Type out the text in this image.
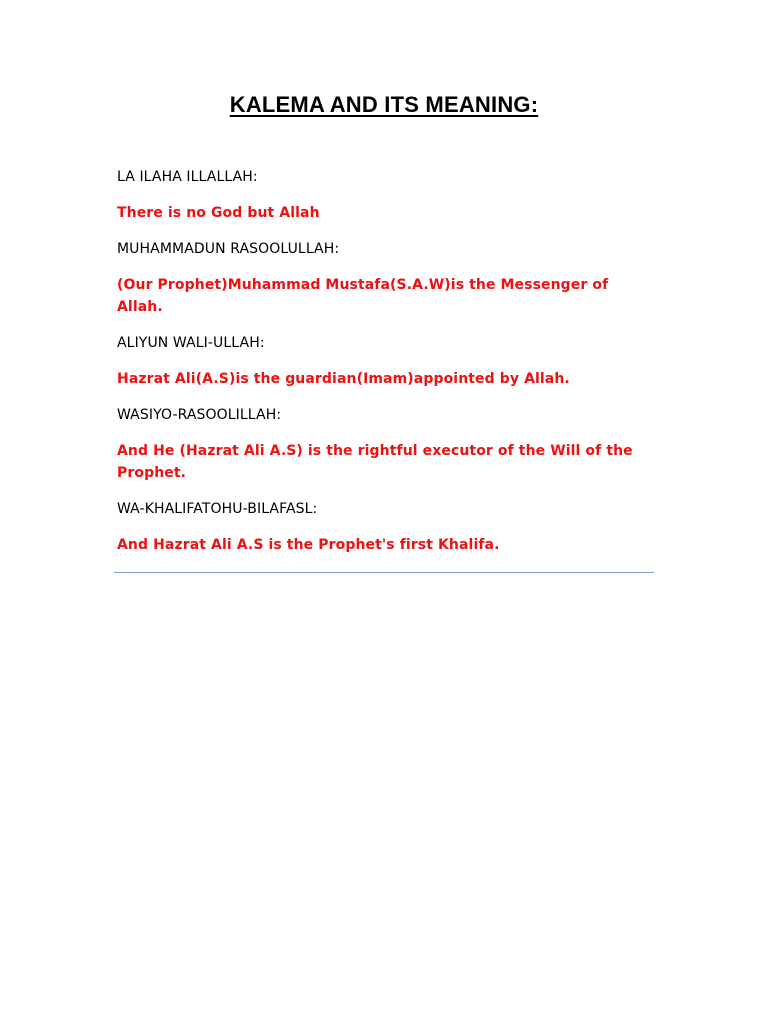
KALEMA AND ITS MEANING:

LA ILAHA ILLALLAH:

There is no God but Allah

MUHAMMADUN RASOOLULLAH:

(Our Prophet)Muhammad Mustafa(S.A.W)is the Messenger of Allah.

ALIYUN WALI-ULLAH:

Hazrat Ali(A.S)is the guardian(Imam)appointed by Allah.

WASIYO-RASOOLILLAH:

And He (Hazrat Ali A.S) is the rightful executor of the Will of the Prophet.

WA-KHALIFATOHU-BILAFASL:

And Hazrat Ali A.S is the Prophet's first Khalifa.
